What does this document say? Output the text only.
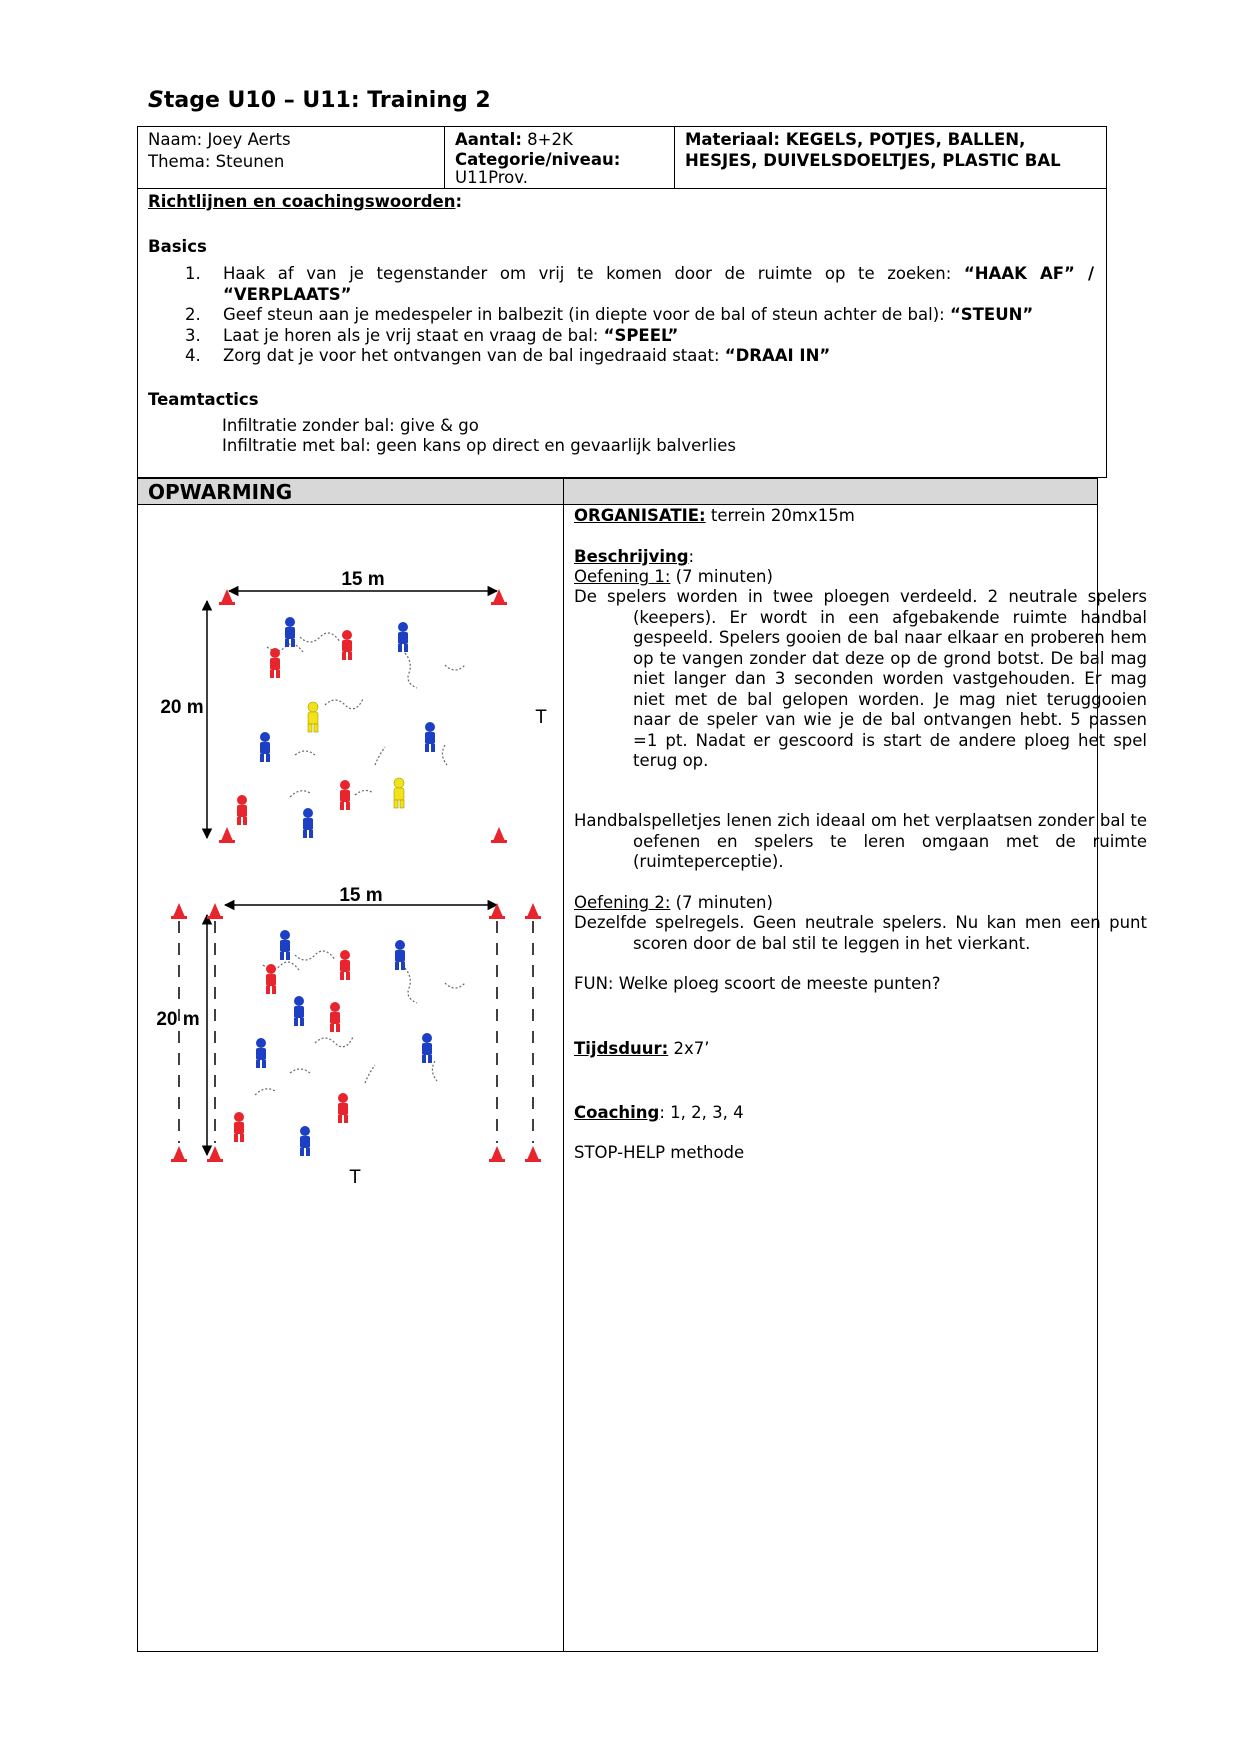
Stage U10 – U11: Training 2
Naam: Joey Aerts
Thema: Steunen
Aantal: 8+2K
Categorie/niveau:
U11Prov.
Materiaal: KEGELS, POTJES, BALLEN, HESJES, DUIVELSDOELTJES, PLASTIC BAL
Richtlijnen en coachingswoorden:
Basics
1. Haak af van je tegenstander om vrij te komen door de ruimte op te zoeken: “HAAK AF” / “VERPLAATS”
2. Geef steun aan je medespeler in balbezit (in diepte voor de bal of steun achter de bal): “STEUN”
3. Laat je horen als je vrij staat en vraag de bal: “SPEEL”
4. Zorg dat je voor het ontvangen van de bal ingedraaid staat: “DRAAI IN”
Teamtactics
Infiltratie zonder bal: give & go
Infiltratie met bal: geen kans op direct en gevaarlijk balverlies
OPWARMING
15 m
20 m	T
15 m
20 m
T
ORGANISATIE: terrein 20mx15m
Beschrijving:
Oefening 1: (7 minuten)
De spelers worden in twee ploegen verdeeld. 2 neutrale spelers (keepers). Er wordt in een afgebakende ruimte handbal gespeeld. Spelers gooien de bal naar elkaar en proberen hem op te vangen zonder dat deze op de grond botst. De bal mag niet langer dan 3 seconden worden vastgehouden. Er mag niet met de bal gelopen worden. Je mag niet teruggooien naar de speler van wie je de bal ontvangen hebt. 5 passen =1 pt. Nadat er gescoord is start de andere ploeg het spel terug op.
Handbalspelletjes lenen zich ideaal om het verplaatsen zonder bal te oefenen en spelers te leren omgaan met de ruimte (ruimteperceptie).
Oefening 2: (7 minuten)
Dezelfde spelregels. Geen neutrale spelers. Nu kan men een punt scoren door de bal stil te leggen in het vierkant.
FUN: Welke ploeg scoort de meeste punten?
Tijdsduur: 2x7’
Coaching: 1, 2, 3, 4
STOP-HELP methode
